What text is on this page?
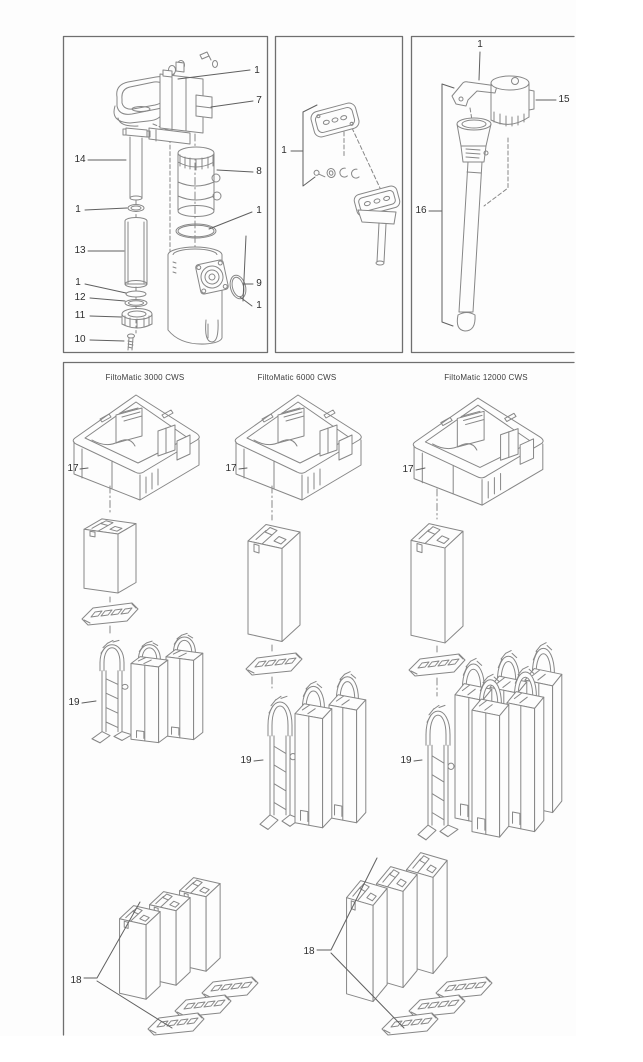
1
7
14
8
1	1
13
1	9
12
1
11
10
1
1
15
16
FiltoMatic 3000 CWS	FiltoMatic 6000 CWS	FiltoMatic 12000 CWS
17
19
17
19
17
19
18
18
